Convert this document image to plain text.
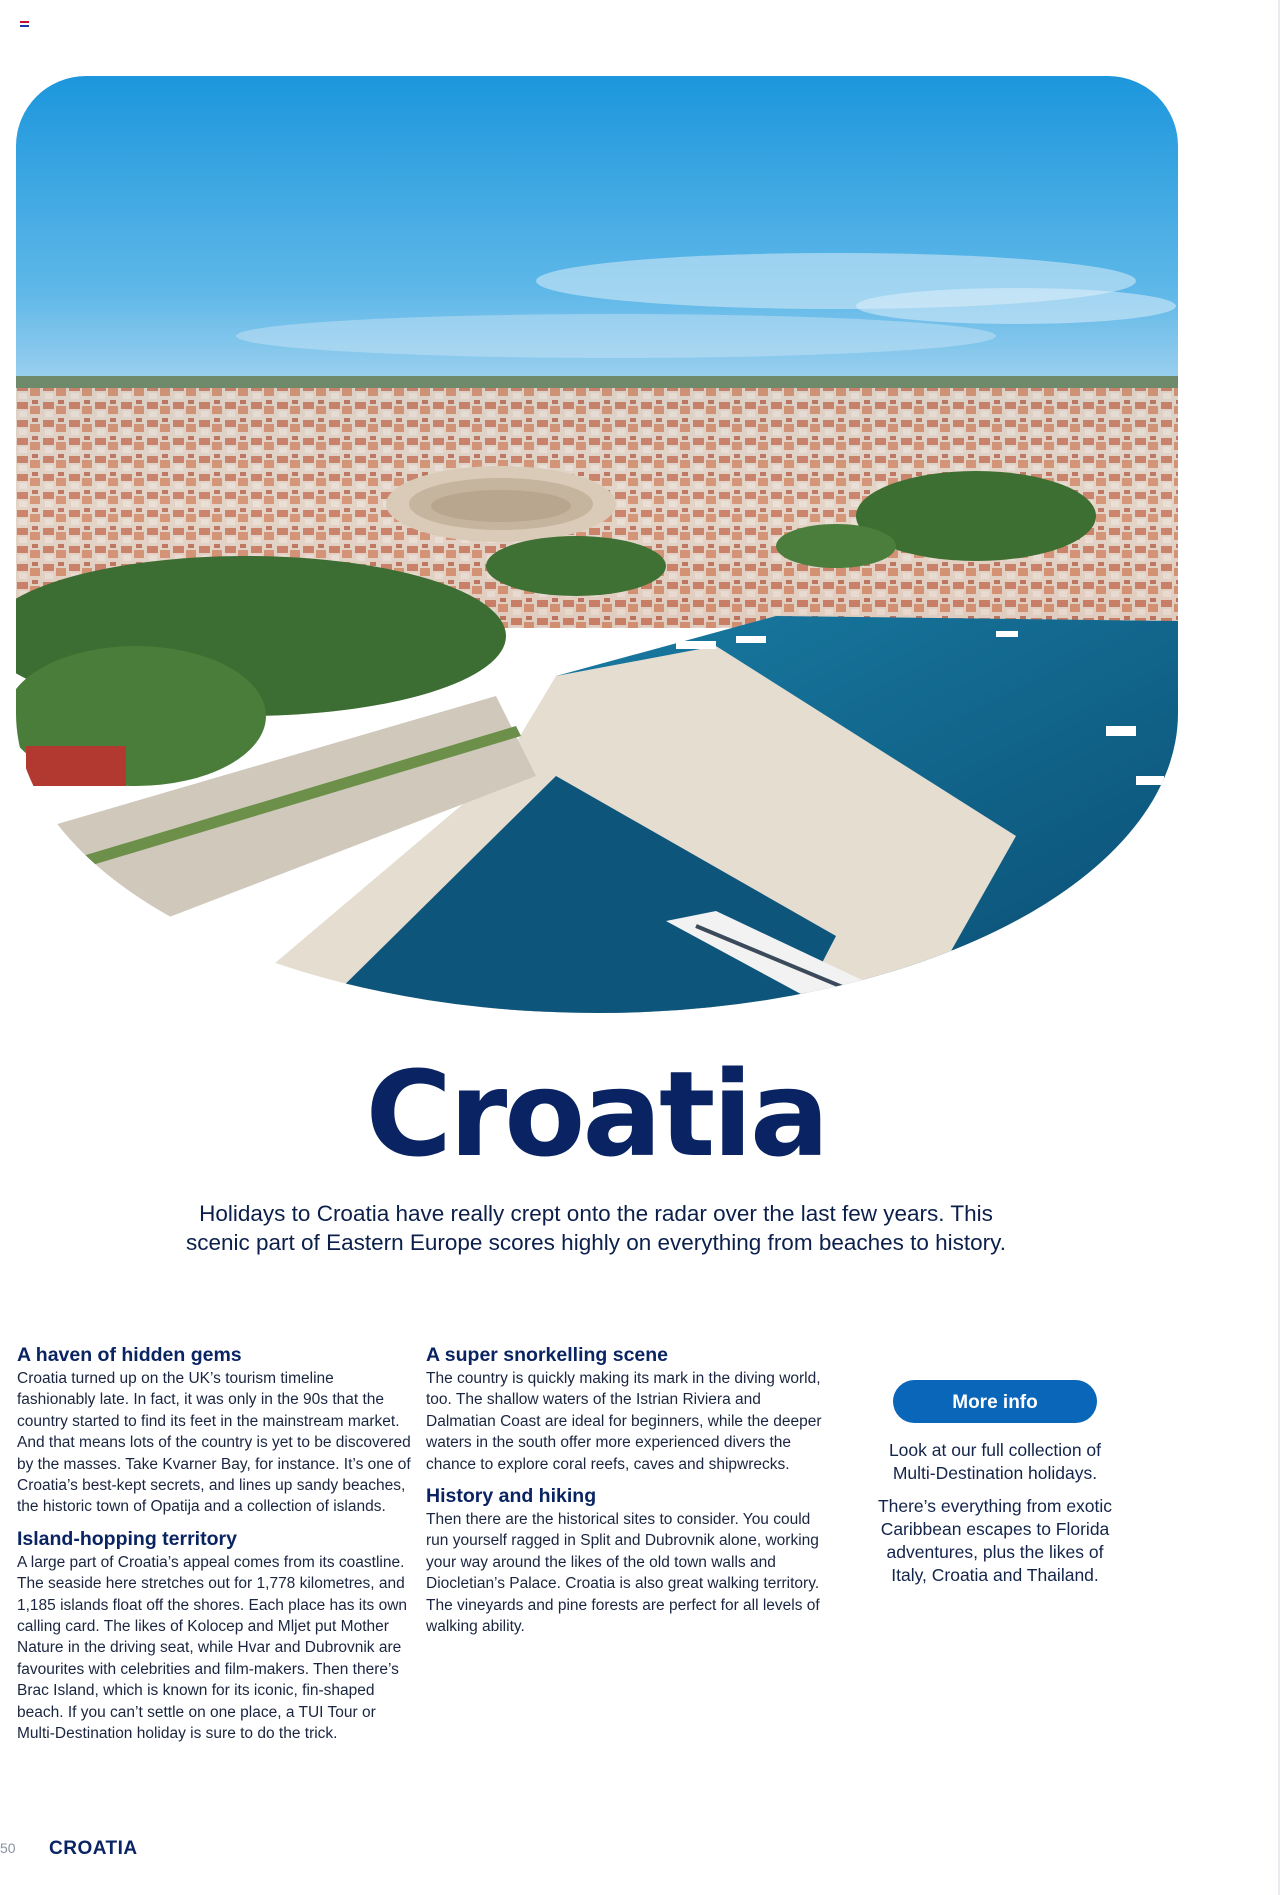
Croatia
Holidays to Croatia have really crept onto the radar over the last few years. This scenic part of Eastern Europe scores highly on everything from beaches to history.
A haven of hidden gems

Croatia turned up on the UK’s tourism timeline fashionably late. In fact, it was only in the 90s that the country started to find its feet in the mainstream market. And that means lots of the country is yet to be discovered by the masses. Take Kvarner Bay, for instance. It’s one of Croatia’s best-kept secrets, and lines up sandy beaches, the historic town of Opatija and a collection of islands.

Island-hopping territory

A large part of Croatia’s appeal comes from its coastline. The seaside here stretches out for 1,778 kilometres, and 1,185 islands float off the shores. Each place has its own calling card. The likes of Kolocep and Mljet put Mother Nature in the driving seat, while Hvar and Dubrovnik are favourites with celebrities and film-makers. Then there’s Brac Island, which is known for its iconic, fin-shaped beach. If you can’t settle on one place, a TUI Tour or Multi-Destination holiday is sure to do the trick.

A super snorkelling scene

The country is quickly making its mark in the diving world, too. The shallow waters of the Istrian Riviera and Dalmatian Coast are ideal for beginners, while the deeper waters in the south offer more experienced divers the chance to explore coral reefs, caves and shipwrecks.

History and hiking

Then there are the historical sites to consider. You could run yourself ragged in Split and Dubrovnik alone, working your way around the likes of the old town walls and Diocletian’s Palace. Croatia is also great walking territory. The vineyards and pine forests are perfect for all levels of walking ability.

More info

Look at our full collection of Multi-Destination holidays.

There’s everything from exotic Caribbean escapes to Florida adventures, plus the likes of Italy, Croatia and Thailand.

50 CROATIA
